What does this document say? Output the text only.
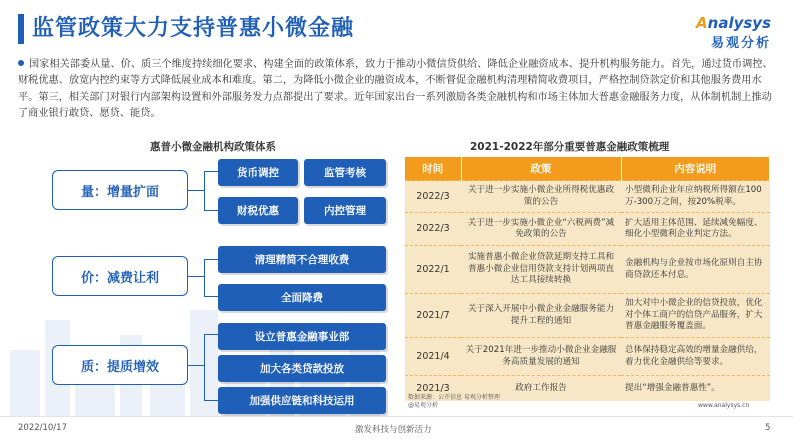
监管政策大力支持普惠小微金融	Analysys
易观分析
国家相关部委从量、价、质三个维度持续细化要求、构建全面的政策体系，致力于推动小微信贷供给、降低企业融资成本、提升机构服务能力。首先，通过货币调控、财税优惠、放宽内控约束等方式降低展业成本和难度。第二，为降低小微企业的融资成本，不断督促金融机构清理精简收费项目，严格控制贷款定价和其他服务费用水平。第三，相关部门对银行内部架构设置和外部服务发力点都提出了要求。近年国家出台一系列激励各类金融机构和市场主体加大普惠金融服务力度，从体制机制上推动了商业银行敢贷、愿贷、能贷。
惠普小微金融机构政策体系
量：增量扩面
货币调控	监管考核
财税优惠	内控管理
价：减费让利
清理精简不合理收费
全面降费
质：提质增效
设立普惠金融事业部
加大各类贷款投放
加强供应链和科技运用
2021-2022年部分重要普惠金融政策梳理
时间	政策	内容说明
2022/3	关于进一步实施小微企业所得税优惠政策的公告	小型微利企业年应纳税所得额在100万-300万之间，按20%税率。
2022/3	关于进一步实施小微企业“六税两费”减免政策的公告	扩大适用主体范围、延续减免幅度、细化小型微利企业判定方法。
2022/1	实施普惠小微企业贷款延期支持工具和普惠小微企业信用贷款支持计划两项直达工具接续转换	金融机构与企业按市场化原则自主协商贷款还本付息。
2021/7	关于深入开展中小微企业金融服务能力提升工程的通知	加大对中小微企业的信贷投放，优化对个体工商户的信贷产品服务，扩大普惠金融服务覆盖面。
2021/4	关于2021年进一步推动小微企业金融服务高质量发展的通知	总体保持稳定高效的增量金融供给，着力优化金融供给等要求。
2021/3	政府工作报告	提出“增强金融普惠性”。
数据来源：公开信息 易观分析整理
@易观分析	www.analysys.cn
2022/10/17	激发科技与创新活力	5
